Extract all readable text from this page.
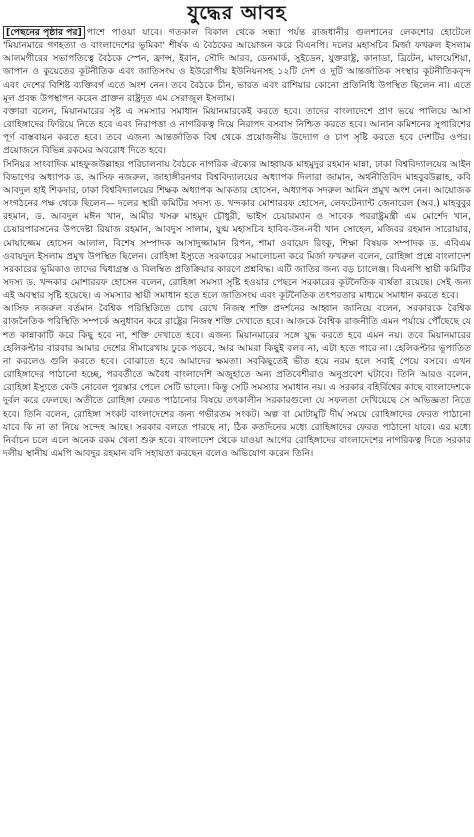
যুদ্ধের আবহ

[পেছনের পৃষ্ঠার পর] পাশে পাওয়া যাবে। গতকাল বিকাল থেকে সন্ধ্যা পর্যন্ত রাজধানীর গুলশানের লেকশোর হোটেলে 'মিয়ানমারে গণহত্যা ও বাংলাদেশের ভূমিকা' শীর্ষক এ বৈঠকের আয়োজন করে বিএনপি। দলের মহাসচিব মির্জা ফখরুল ইসলাম আলমগীরের সভাপতিত্বে বৈঠকে স্পেন, ফ্রান্স, ইরান, সৌদি আরব, ডেনমার্ক, সুইডেন, যুক্তরাষ্ট্র, কানাডা, ব্রিটেন, মালয়েশিয়া, জাপান ও কুয়েতের কূটনীতিক এবং জাতিসংঘ ও ইউরোপীয় ইউনিয়নসহ ১২টি দেশ ও দুটি আন্তর্জাতিক সংস্থার কূটনীতিকবৃন্দ এবং দেশের বিশিষ্ট ব্যক্তিবর্গ এতে অংশ নেন। তবে বৈঠকে চীন, ভারত এবং রাশিয়ার কোনো প্রতিনিধি উপস্থিত ছিলেন না। এতে মূল প্রবন্ধ উপস্থাপন করেন প্রাক্তন রাষ্ট্রদূত এম সেরাজুল ইসলাম।

বক্তারা বলেন, মিয়ানমারের সৃষ্ট এ সমস্যার সমাধান মিয়ানমারকেই করতে হবে। তাদের বাংলাদেশে প্রাণ ভয়ে পালিয়ে আসা রোহিঙ্গাদের ফিরিয়ে নিতে হবে এবং নিরাপত্তা ও নাগরিকত্ব দিয়ে নিরাপদ বসবাস নিশ্চিত করতে হবে। আনান কমিশনের সুপারিশের পূর্ণ বাস্তবায়ন করতে হবে। তবে এজন্য আন্তর্জাতিক বিশ্ব থেকে প্রয়োজনীয় উদ্যোগ ও চাপ সৃষ্টি করতে হবে দেশটির ওপর। প্রয়োজনে বিভিন্ন রকমের অবরোধ দিতে হবে।

সিনিয়র সাংবাদিক মাহফুজউল্লাহর পরিচালনায় বৈঠকে নাগরিক ঐক্যের আহ্বায়ক মাহমুদুর রহমান মান্না, ঢাকা বিশ্ববিদ্যালয়ের আইন বিভাগের অধ্যাপক ড. আসিফ নজরুল, জাহাঙ্গীরনগর বিশ্ববিদ্যালয়ের অধ্যাপক দিলারা জামান, অর্থনীতিবিদ মাহবুবউল্লাহ, কবি আবদুল হাই শিকদার, ঢাকা বিশ্ববিদ্যালয়ের শিক্ষক অধ্যাপক আকতার হোসেন, অধ্যাপক সদরুল আমিন প্রমুখ অংশ নেন। আয়োজক সংগঠনের পক্ষ থেকে ছিলেন— দলের স্থায়ী কমিটির সদস্য ড. খন্দকার মোশাররফ হোসেন, লেফটেন্যান্ট জেনারেল (অব.) মাহবুবুর রহমান, ড. আবদুল মঈন খান, আমীর খসরু মাহমুদ চৌধুরী, ভাইস চেয়ারম্যান ও সাবেক পররাষ্ট্রমন্ত্রী এম মোর্শেদ খান, চেয়ারপারসনের উপদেষ্টা রিয়াজ রহমান, আবদুস সালাম, যুগ্ম মহাসচিব হাবিব-উন-নবী খান সোহেল, মজিবর রহমান সারোয়ার, মোয়াজ্জেম হোসেন আলাল, বিশেষ সম্পাদক আসাদুজ্জামান রিপন, শামা ওবায়েদ রিংকু, শিক্ষা বিষয়ক সম্পাদক ড. এবিএম ওবায়দুল ইসলাম প্রমুখ উপস্থিত ছিলেন। রোহিঙ্গা ইস্যুতে সরকারের সমালোচনা করে মির্জা ফখরুল বলেন, রোহিঙ্গা প্রশ্নে বাংলাদেশ সরকারের ভূমিকাও তাদের দ্বিধাগ্রস্ত ও বিলম্বিত প্রতিক্রিয়ার কারণে প্রশ্নবিদ্ধ। এটি জাতির জন্য বড় চ্যালেঞ্জ। বিএনপি স্থায়ী কমিটির সদস্য ড. খন্দকার মোশাররফ হোসেন বলেন, রোহিঙ্গা সমস্যা সৃষ্টি হওয়ার পেছনে সরকারের কূটনৈতিক ব্যর্থতা রয়েছে। সেই জন্য এই অবস্থার সৃষ্টি হয়েছে। এ সমস্যার স্থায়ী সমাধান হতে হলে জাতিসংঘ এবং কূটনৈতিক তৎপরতার মাধ্যমে সমাধান করতে হবে।

আসিফ নজরুল বর্তমান বৈশ্বিক পরিস্থিতিতে চোখ রেখে নিজস্ব শক্তি প্রদর্শনের আহ্বান জানিয়ে বলেন, সরকারকে বৈশ্বিক রাজনৈতিক পরিস্থিতি সম্পর্কে অনুধাবন করে রাষ্ট্রের নিজস্ব শক্তি দেখাতে হবে। আজকে বৈশ্বিক রাজনীতি এমন পর্যায়ে পৌঁছেছে যে শত কান্নাকাটি করে কিছু হবে না, শক্তি দেখাতে হবে। এজন্য মিয়ানমারের সঙ্গে যুদ্ধ করতে হবে এমন নয়। তবে মিয়ানমারের হেলিকপ্টার বারবার আমার দেশের সীমারেখায় ঢুকে পড়বে, আর আমরা কিছুই বলব না, এটা হতে পারে না। হেলিকপ্টার ভূপাতিত না করলেও গুলি করতে হবে। বোঝাতে হবে আমাদের ক্ষমতা। সবকিছুতেই ভীত হয়ে নরম হলে সবাই পেয়ে বসবে। এখন রোহিঙ্গাদের পাঠানো হচ্ছে, পরবর্তীতে অবৈধ বাংলাদেশি অজুহাতে অন্য প্রতিবেশীরাও অনুপ্রবেশ ঘটাবে। তিনি আরও বলেন, রোহিঙ্গা ইস্যুতে কেউ নোবেল পুরস্কার পেলে সেটি ভালো। কিন্তু সেটি সমস্যার সমাধান নয়। এ সরকার বহির্বিশ্বের কাছে বাংলাদেশকে দুর্বল করে ফেলছে। অতীতে রোহিঙ্গা ফেরত পাঠানোর বিষয়ে তৎকালীন সরকারগুলো যে সফলতা দেখিয়েছে সে অভিজ্ঞতা নিতে হবে। তিনি বলেন, রোহিঙ্গা সংকট বাংলাদেশের জন্য গভীরতম সংকট। অল্প বা মোটামুটি দীর্ঘ সময়ে রোহিঙ্গাদের ফেরত পাঠানো যাবে কি না তা নিয়ে সন্দেহ আছে। সরকার বলতে পারছে না, ঠিক কতদিনের মধ্যে রোহিঙ্গাদের ফেরত পাঠানো যাবে। এর মধ্যে নির্বাচন চলে এলে অনেক রকম খেলা শুরু হবে। বাংলাদেশ থেকে যাওয়া আগের রোহিঙ্গাদের বাংলাদেশের নাগরিকত্ব দিতে সরকার দলীয় স্থানীয় এমপি আবদুর রহমান বদি সহায়তা করছেন বলেও অভিযোগ করেন তিনি।
